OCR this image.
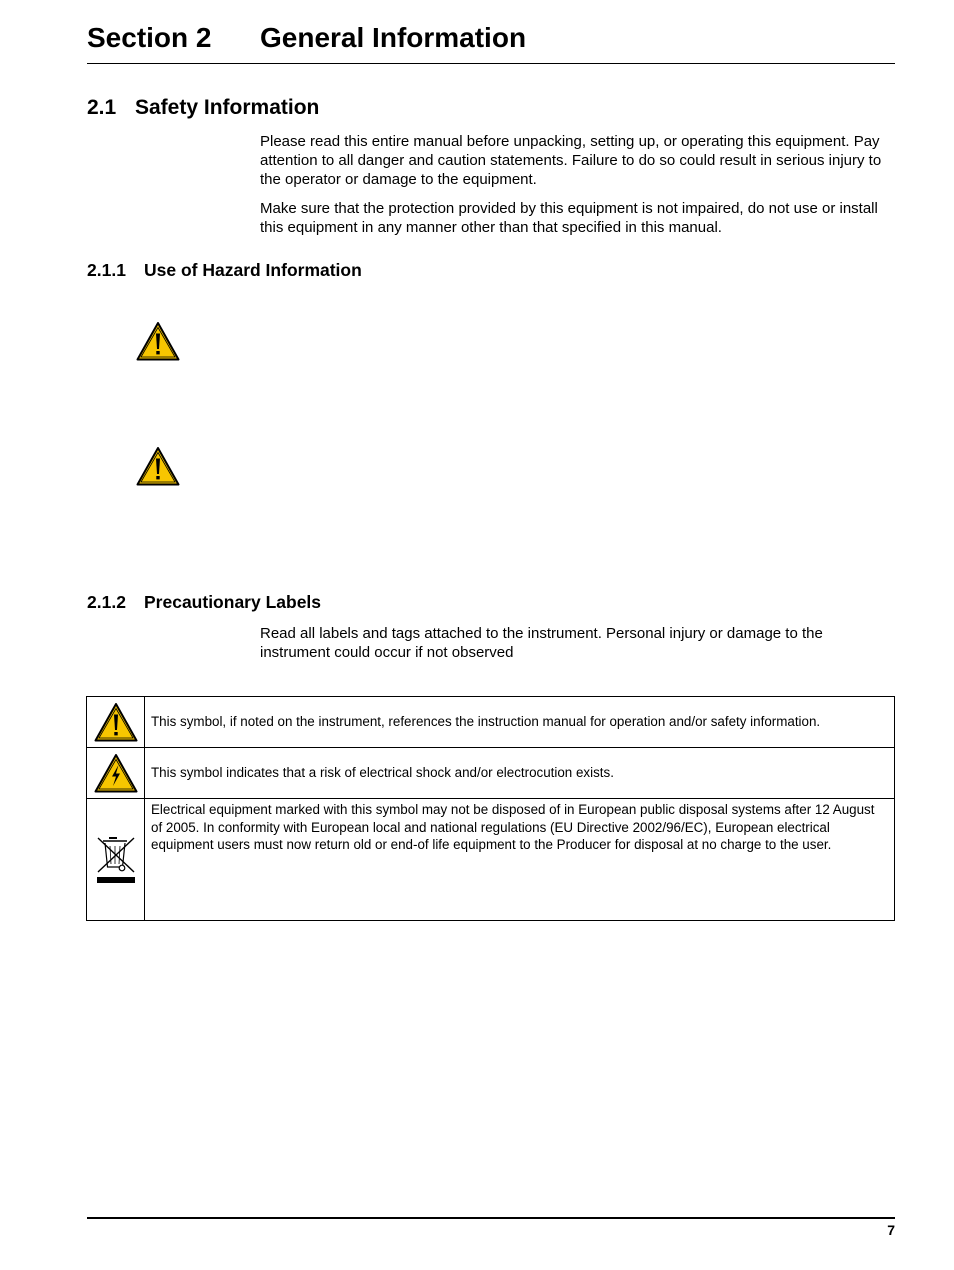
Section 2 General Information
2.1 Safety Information

Please read this entire manual before unpacking, setting up, or operating this equipment. Pay attention to all danger and caution statements. Failure to do so could result in serious injury to the operator or damage to the equipment.

Make sure that the protection provided by this equipment is not impaired, do not use or install this equipment in any manner other than that specified in this manual.

2.1.1 Use of Hazard Information
2.1.2 Precautionary Labels

Read all labels and tags attached to the instrument. Personal injury or damage to the instrument could occur if not observed

	This symbol, if noted on the instrument, references the instruction manual for operation and/or safety information.

	This symbol indicates that a risk of electrical shock and/or electrocution exists.

	Electrical equipment marked with this symbol may not be disposed of in European public disposal systems after 12 August of 2005. In conformity with European local and national regulations (EU Directive 2002/96/EC), European electrical equipment users must now return old or end-of life equipment to the Producer for disposal at no charge to the user.
7
